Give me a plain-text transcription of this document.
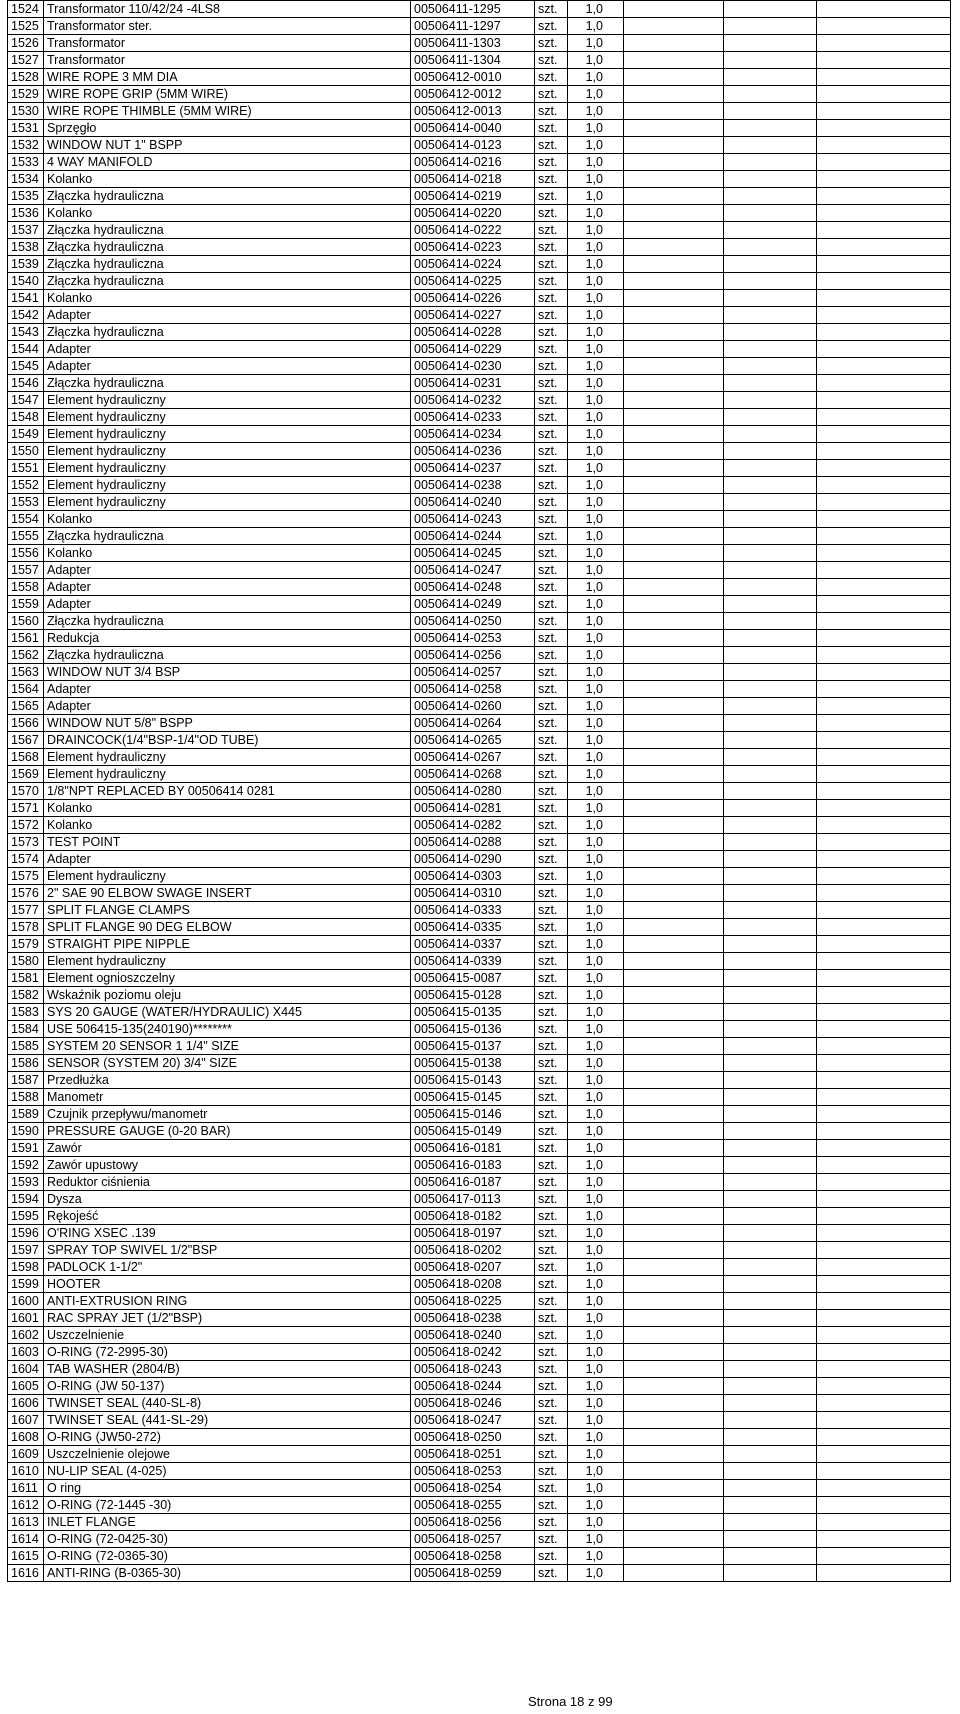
1524	Transformator 110/42/24 -4LS8	00506411-1295	szt.	1,0			
1525	Transformator ster.	00506411-1297	szt.	1,0			
1526	Transformator	00506411-1303	szt.	1,0			
1527	Transformator	00506411-1304	szt.	1,0			
1528	WIRE ROPE 3 MM DIA	00506412-0010	szt.	1,0			
1529	WIRE ROPE GRIP (5MM WIRE)	00506412-0012	szt.	1,0			
1530	WIRE ROPE THIMBLE (5MM WIRE)	00506412-0013	szt.	1,0			
1531	Sprzęgło	00506414-0040	szt.	1,0			
1532	WINDOW NUT 1" BSPP	00506414-0123	szt.	1,0			
1533	4 WAY MANIFOLD	00506414-0216	szt.	1,0			
1534	Kolanko	00506414-0218	szt.	1,0			
1535	Złączka hydrauliczna	00506414-0219	szt.	1,0			
1536	Kolanko	00506414-0220	szt.	1,0			
1537	Złączka hydrauliczna	00506414-0222	szt.	1,0			
1538	Złączka hydrauliczna	00506414-0223	szt.	1,0			
1539	Złączka hydrauliczna	00506414-0224	szt.	1,0			
1540	Złączka hydrauliczna	00506414-0225	szt.	1,0			
1541	Kolanko	00506414-0226	szt.	1,0			
1542	Adapter	00506414-0227	szt.	1,0			
1543	Złączka hydrauliczna	00506414-0228	szt.	1,0			
1544	Adapter	00506414-0229	szt.	1,0			
1545	Adapter	00506414-0230	szt.	1,0			
1546	Złączka hydrauliczna	00506414-0231	szt.	1,0			
1547	Element hydrauliczny	00506414-0232	szt.	1,0			
1548	Element hydrauliczny	00506414-0233	szt.	1,0			
1549	Element hydrauliczny	00506414-0234	szt.	1,0			
1550	Element hydrauliczny	00506414-0236	szt.	1,0			
1551	Element hydrauliczny	00506414-0237	szt.	1,0			
1552	Element hydrauliczny	00506414-0238	szt.	1,0			
1553	Element hydrauliczny	00506414-0240	szt.	1,0			
1554	Kolanko	00506414-0243	szt.	1,0			
1555	Złączka hydrauliczna	00506414-0244	szt.	1,0			
1556	Kolanko	00506414-0245	szt.	1,0			
1557	Adapter	00506414-0247	szt.	1,0			
1558	Adapter	00506414-0248	szt.	1,0			
1559	Adapter	00506414-0249	szt.	1,0			
1560	Złączka hydrauliczna	00506414-0250	szt.	1,0			
1561	Redukcja	00506414-0253	szt.	1,0			
1562	Złączka hydrauliczna	00506414-0256	szt.	1,0			
1563	WINDOW NUT 3/4 BSP	00506414-0257	szt.	1,0			
1564	Adapter	00506414-0258	szt.	1,0			
1565	Adapter	00506414-0260	szt.	1,0			
1566	WINDOW NUT 5/8" BSPP	00506414-0264	szt.	1,0			
1567	DRAINCOCK(1/4"BSP-1/4"OD TUBE)	00506414-0265	szt.	1,0			
1568	Element hydrauliczny	00506414-0267	szt.	1,0			
1569	Element hydrauliczny	00506414-0268	szt.	1,0			
1570	1/8"NPT REPLACED BY 00506414 0281	00506414-0280	szt.	1,0			
1571	Kolanko	00506414-0281	szt.	1,0			
1572	Kolanko	00506414-0282	szt.	1,0			
1573	TEST POINT	00506414-0288	szt.	1,0			
1574	Adapter	00506414-0290	szt.	1,0			
1575	Element hydrauliczny	00506414-0303	szt.	1,0			
1576	2" SAE 90 ELBOW SWAGE INSERT	00506414-0310	szt.	1,0			
1577	SPLIT FLANGE CLAMPS	00506414-0333	szt.	1,0			
1578	SPLIT FLANGE 90 DEG ELBOW	00506414-0335	szt.	1,0			
1579	STRAIGHT PIPE NIPPLE	00506414-0337	szt.	1,0			
1580	Element hydrauliczny	00506414-0339	szt.	1,0			
1581	Element ognioszczelny	00506415-0087	szt.	1,0			
1582	Wskaźnik poziomu oleju	00506415-0128	szt.	1,0			
1583	SYS 20 GAUGE (WATER/HYDRAULIC) X445	00506415-0135	szt.	1,0			
1584	USE 506415-135(240190)********	00506415-0136	szt.	1,0			
1585	SYSTEM 20 SENSOR 1 1/4" SIZE	00506415-0137	szt.	1,0			
1586	SENSOR (SYSTEM 20) 3/4" SIZE	00506415-0138	szt.	1,0			
1587	Przedłużka	00506415-0143	szt.	1,0			
1588	Manometr	00506415-0145	szt.	1,0			
1589	Czujnik przepływu/manometr	00506415-0146	szt.	1,0			
1590	PRESSURE GAUGE (0-20 BAR)	00506415-0149	szt.	1,0			
1591	Zawór	00506416-0181	szt.	1,0			
1592	Zawór upustowy	00506416-0183	szt.	1,0			
1593	Reduktor ciśnienia	00506416-0187	szt.	1,0			
1594	Dysza	00506417-0113	szt.	1,0			
1595	Rękojeść	00506418-0182	szt.	1,0			
1596	O'RING XSEC .139	00506418-0197	szt.	1,0			
1597	SPRAY TOP SWIVEL 1/2"BSP	00506418-0202	szt.	1,0			
1598	PADLOCK 1-1/2"	00506418-0207	szt.	1,0			
1599	HOOTER	00506418-0208	szt.	1,0			
1600	ANTI-EXTRUSION RING	00506418-0225	szt.	1,0			
1601	RAC SPRAY JET (1/2"BSP)	00506418-0238	szt.	1,0			
1602	Uszczelnienie	00506418-0240	szt.	1,0			
1603	O-RING (72-2995-30)	00506418-0242	szt.	1,0			
1604	TAB WASHER (2804/B)	00506418-0243	szt.	1,0			
1605	O-RING (JW 50-137)	00506418-0244	szt.	1,0			
1606	TWINSET SEAL (440-SL-8)	00506418-0246	szt.	1,0			
1607	TWINSET SEAL (441-SL-29)	00506418-0247	szt.	1,0			
1608	O-RING (JW50-272)	00506418-0250	szt.	1,0			
1609	Uszczelnienie olejowe	00506418-0251	szt.	1,0			
1610	NU-LIP SEAL (4-025)	00506418-0253	szt.	1,0			
1611	O ring	00506418-0254	szt.	1,0			
1612	O-RING (72-1445 -30)	00506418-0255	szt.	1,0			
1613	INLET FLANGE	00506418-0256	szt.	1,0			
1614	O-RING (72-0425-30)	00506418-0257	szt.	1,0			
1615	O-RING (72-0365-30)	00506418-0258	szt.	1,0			
1616	ANTI-RING (B-0365-30)	00506418-0259	szt.	1,0			
Strona 18 z 99
